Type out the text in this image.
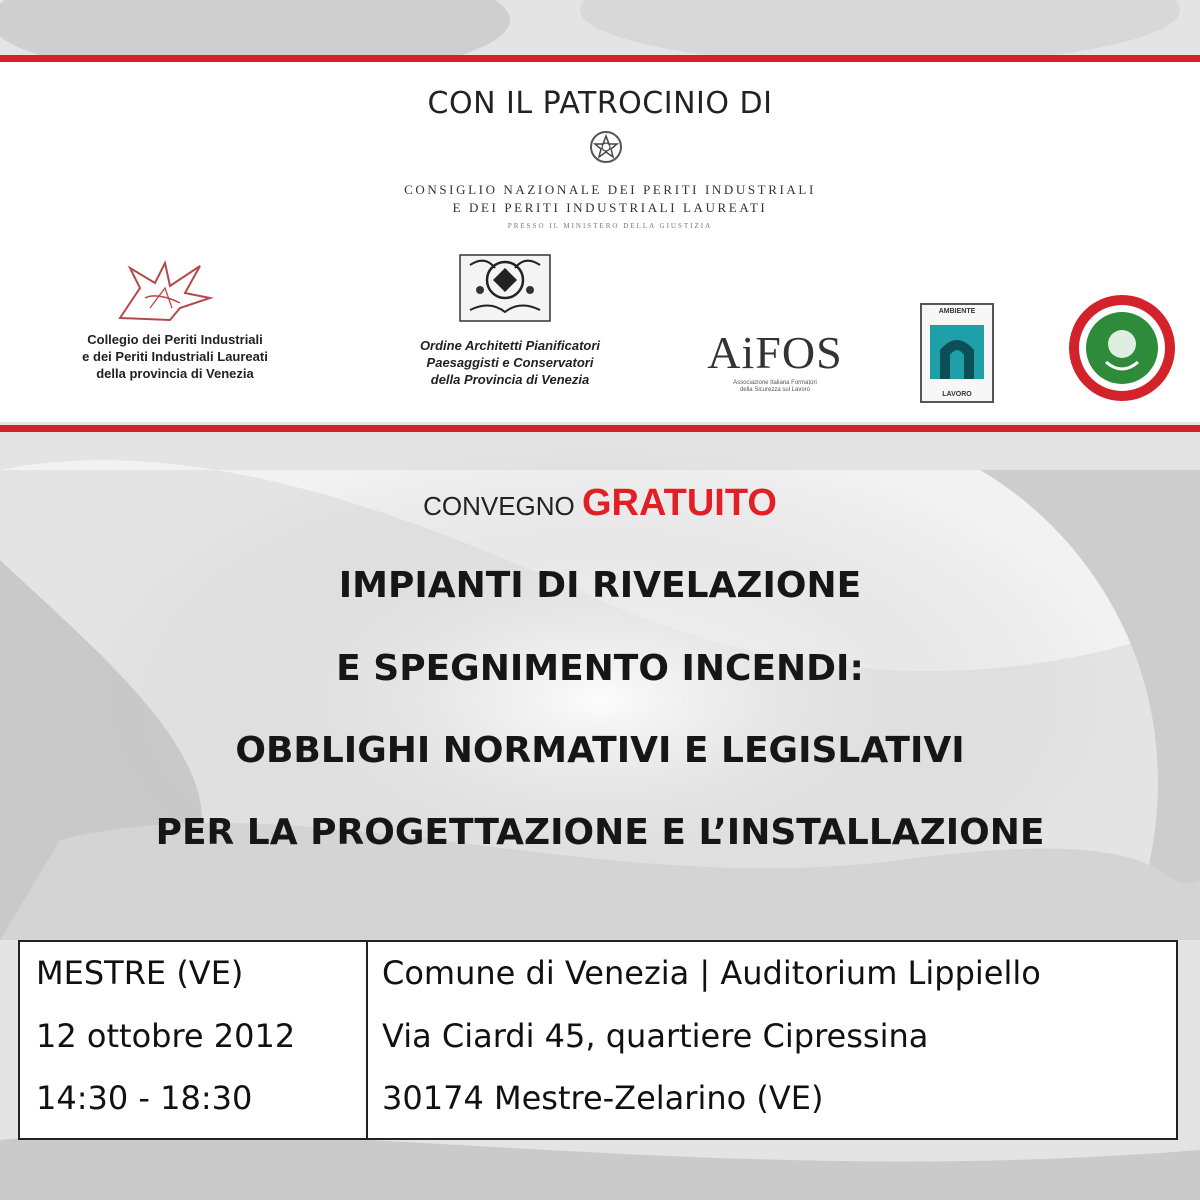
CON IL PATROCINIO DI
CONSIGLIO NAZIONALE DEI PERITI INDUSTRIALI
E DEI PERITI INDUSTRIALI LAUREATI
PRESSO IL MINISTERO DELLA GIUSTIZIA
Collegio dei Periti Industriali
e dei Periti Industriali Laureati
della provincia di Venezia
Ordine Architetti Pianificatori
Paesaggisti e Conservatori
della Provincia di Venezia
AiFOS
Associazione Italiana Formatori
della Sicurezza sul Lavoro
AMBIENTE
LAVORO
CONVEGNO GRATUITO
IMPIANTI DI RIVELAZIONE
E SPEGNIMENTO INCENDI:
OBBLIGHI NORMATIVI E LEGISLATIVI
PER LA PROGETTAZIONE E L’INSTALLAZIONE
MESTRE (VE)
12 ottobre 2012
14:30 - 18:30
Comune di Venezia | Auditorium Lippiello
Via Ciardi 45, quartiere Cipressina
30174 Mestre-Zelarino (VE)
